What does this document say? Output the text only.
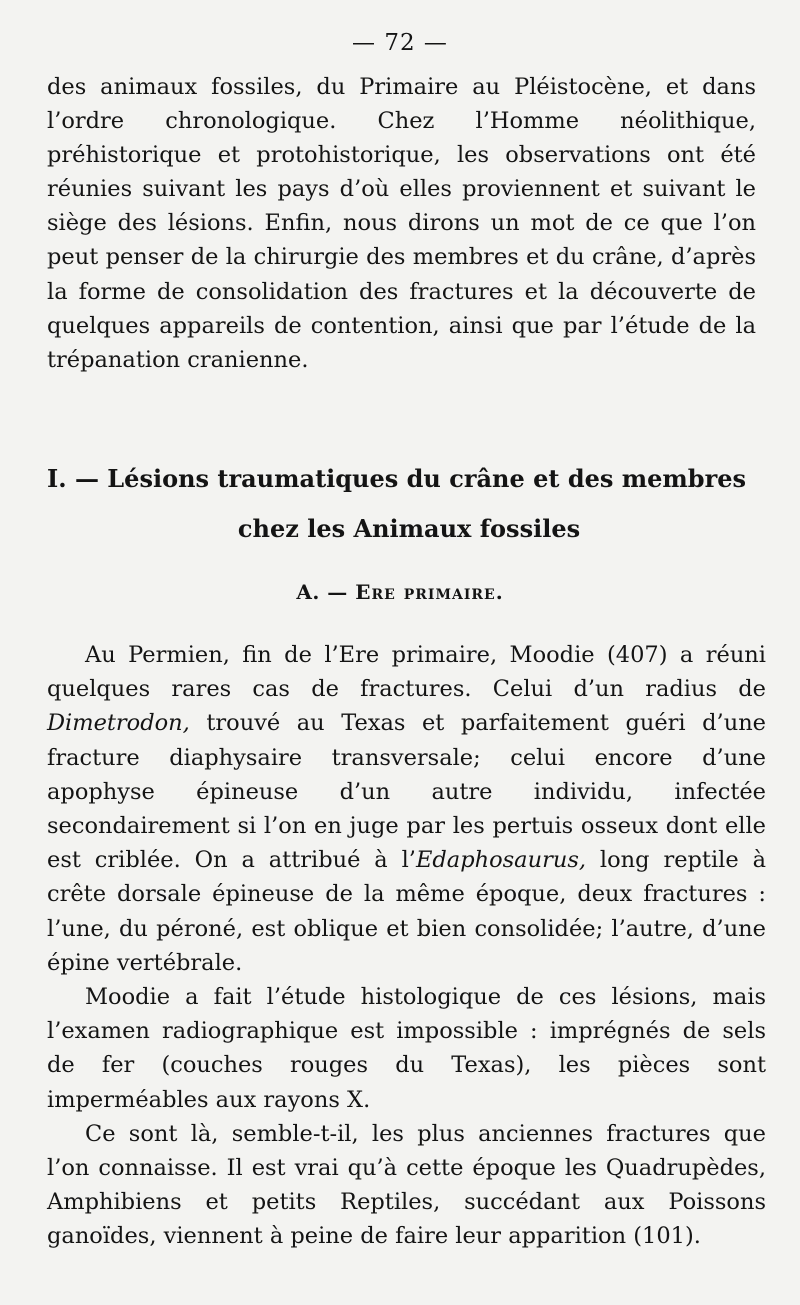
— 72 —

des animaux fossiles, du Primaire au Pléistocène, et dans l’ordre chronologique. Chez l’Homme néolithique, préhistorique et protohistorique, les observations ont été réunies suivant les pays d’où elles proviennent et suivant le siège des lésions. Enfin, nous dirons un mot de ce que l’on peut penser de la chirurgie des membres et du crâne, d’après la forme de consolidation des fractures et la découverte de quelques appareils de contention, ainsi que par l’étude de la trépanation cranienne.

I. — Lésions traumatiques du crâne et des membres
chez les Animaux fossiles
A. — Ere primaire.

Au Permien, fin de l’Ere primaire, Moodie (407) a réuni quelques rares cas de fractures. Celui d’un radius de Dimetrodon, trouvé au Texas et parfaitement guéri d’une fracture diaphysaire transversale; celui encore d’une apophyse épineuse d’un autre individu, infectée secondairement si l’on en juge par les pertuis osseux dont elle est criblée. On a attribué à l’Edaphosaurus, long reptile à crête dorsale épineuse de la même époque, deux fractures : l’une, du péroné, est oblique et bien consolidée; l’autre, d’une épine vertébrale.

Moodie a fait l’étude histologique de ces lésions, mais l’examen radiographique est impossible : imprégnés de sels de fer (couches rouges du Texas), les pièces sont imperméables aux rayons X.

Ce sont là, semble-t-il, les plus anciennes fractures que l’on connaisse. Il est vrai qu’à cette époque les Quadrupèdes, Amphibiens et petits Reptiles, succédant aux Poissons ganoïdes, viennent à peine de faire leur apparition (101).
